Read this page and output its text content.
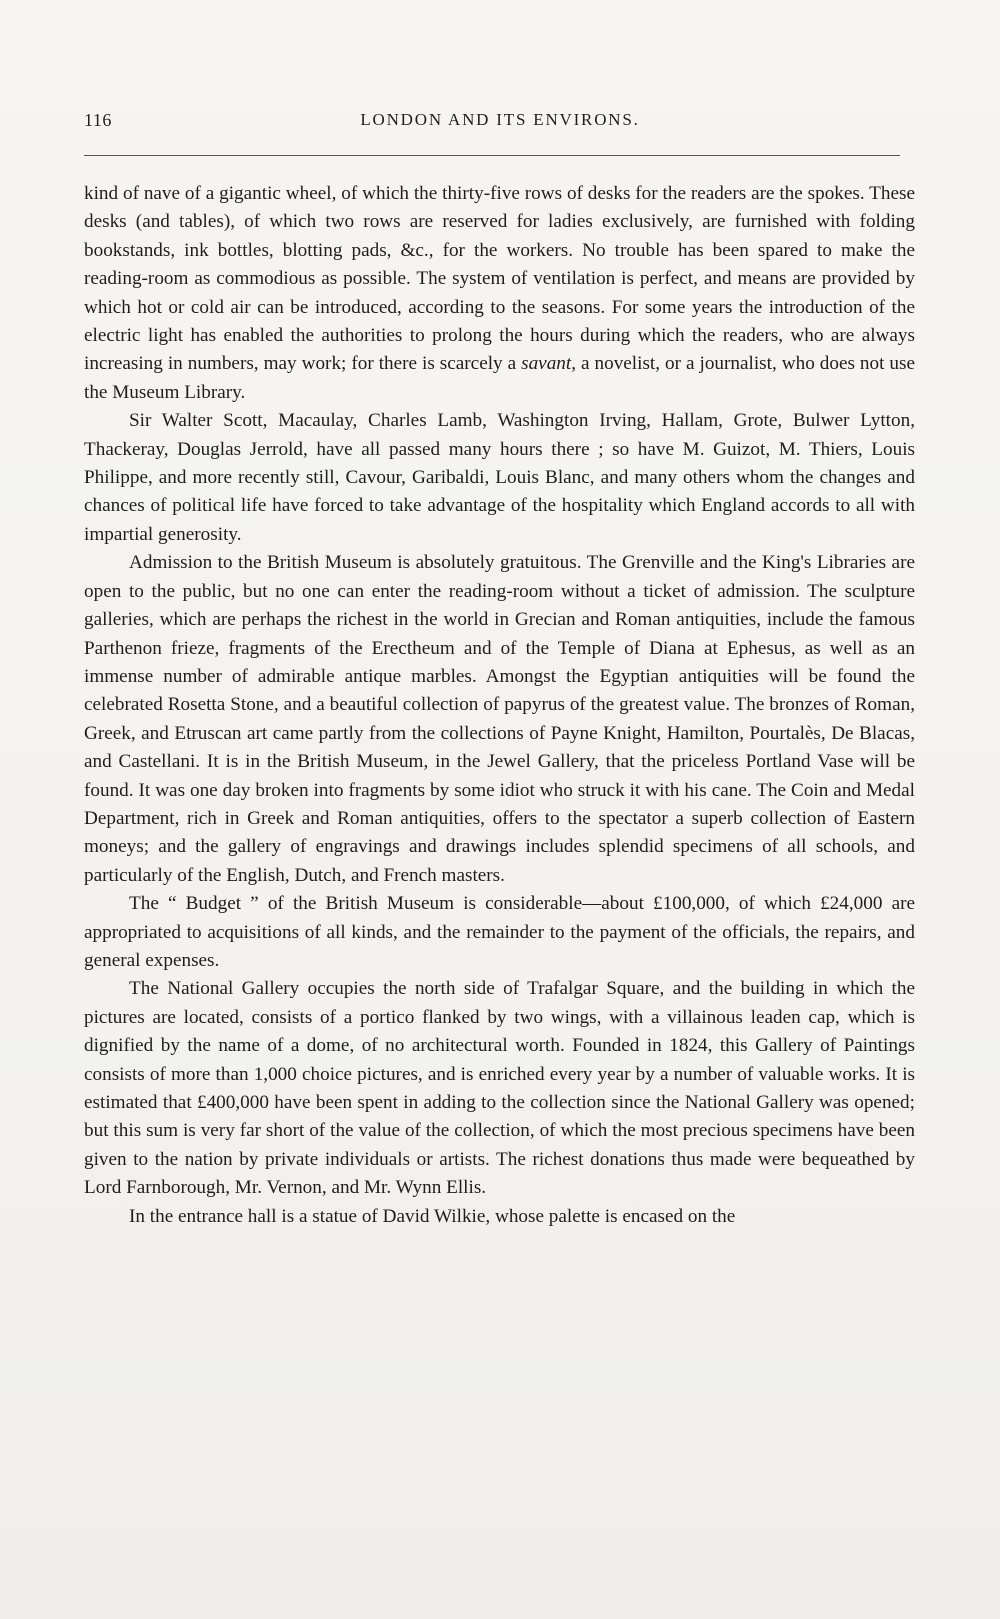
116	LONDON AND ITS ENVIRONS.

kind of nave of a gigantic wheel, of which the thirty-five rows of desks for the readers are the spokes. These desks (and tables), of which two rows are reserved for ladies exclusively, are furnished with folding bookstands, ink bottles, blotting pads, &c., for the workers. No trouble has been spared to make the reading-room as commodious as possible. The system of ventilation is perfect, and means are provided by which hot or cold air can be introduced, according to the seasons. For some years the introduction of the electric light has enabled the authorities to prolong the hours during which the readers, who are always increasing in numbers, may work; for there is scarcely a savant, a novelist, or a journalist, who does not use the Museum Library.

Sir Walter Scott, Macaulay, Charles Lamb, Washington Irving, Hallam, Grote, Bulwer Lytton, Thackeray, Douglas Jerrold, have all passed many hours there ; so have M. Guizot, M. Thiers, Louis Philippe, and more recently still, Cavour, Garibaldi, Louis Blanc, and many others whom the changes and chances of political life have forced to take advantage of the hospitality which England accords to all with impartial generosity.

Admission to the British Museum is absolutely gratuitous. The Grenville and the King's Libraries are open to the public, but no one can enter the reading-room without a ticket of admission. The sculpture galleries, which are perhaps the richest in the world in Grecian and Roman antiquities, include the famous Parthenon frieze, fragments of the Erectheum and of the Temple of Diana at Ephesus, as well as an immense number of admirable antique marbles. Amongst the Egyptian antiquities will be found the celebrated Rosetta Stone, and a beautiful collection of papyrus of the greatest value. The bronzes of Roman, Greek, and Etruscan art came partly from the collections of Payne Knight, Hamilton, Pourtalès, De Blacas, and Castellani. It is in the British Museum, in the Jewel Gallery, that the priceless Portland Vase will be found. It was one day broken into fragments by some idiot who struck it with his cane. The Coin and Medal Department, rich in Greek and Roman antiquities, offers to the spectator a superb collection of Eastern moneys; and the gallery of engravings and drawings includes splendid specimens of all schools, and particularly of the English, Dutch, and French masters.

The “ Budget ” of the British Museum is considerable—about £100,000, of which £24,000 are appropriated to acquisitions of all kinds, and the remainder to the payment of the officials, the repairs, and general expenses.

The National Gallery occupies the north side of Trafalgar Square, and the building in which the pictures are located, consists of a portico flanked by two wings, with a villainous leaden cap, which is dignified by the name of a dome, of no architectural worth. Founded in 1824, this Gallery of Paintings consists of more than 1,000 choice pictures, and is enriched every year by a number of valuable works. It is estimated that £400,000 have been spent in adding to the collection since the National Gallery was opened; but this sum is very far short of the value of the collection, of which the most precious specimens have been given to the nation by private individuals or artists. The richest donations thus made were bequeathed by Lord Farnborough, Mr. Vernon, and Mr. Wynn Ellis.

In the entrance hall is a statue of David Wilkie, whose palette is encased on the
